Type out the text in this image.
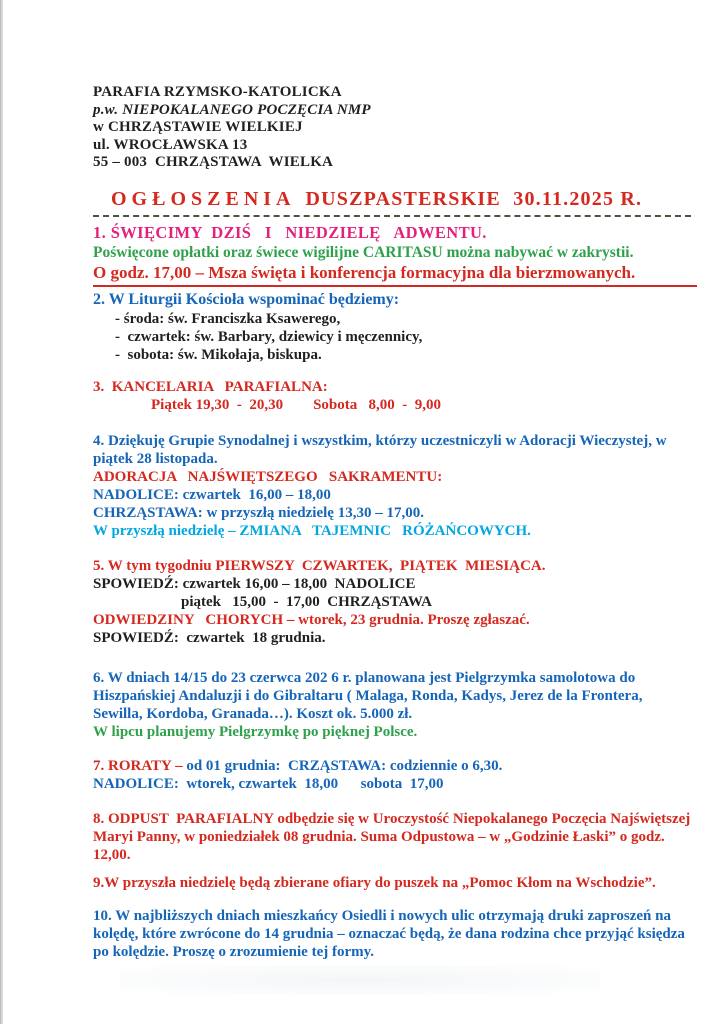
PARAFIA RZYMSKO-KATOLICKA

p.w. NIEPOKALANEGO POCZĘCIA NMP

w CHRZĄSTAWIE WIELKIEJ

ul. WROCŁAWSKA 13

55 – 003  CHRZĄSTAWA  WIELKA

OGŁOSZENIA DUSZPASTERSKIE  30.11.2025 R.

1. ŚWIĘCIMY  DZIŚ   I   NIEDZIELĘ   ADWENTU.

Poświęcone opłatki oraz świece wigilijne CARITASU można nabywać w zakrystii.

O godz. 17,00 – Msza święta i konferencja formacyjna dla bierzmowanych.

2. W Liturgii Kościoła wspominać będziemy:

- środa: św. Franciszka Ksawerego,

-  czwartek: św. Barbary, dziewicy i męczennicy,

-  sobota: św. Mikołaja, biskupa.

3.  KANCELARIA   PARAFIALNA:

Piątek 19,30  -  20,30        Sobota   8,00  -  9,00

4. Dziękuję Grupie Synodalnej i wszystkim, którzy uczestniczyli w Adoracji Wieczystej, w piątek 28 listopada.

ADORACJA   NAJŚWIĘTSZEGO   SAKRAMENTU:

NADOLICE: czwartek  16,00 – 18,00

CHRZĄSTAWA: w przyszłą niedzielę 13,30 – 17,00.

W przyszłą niedzielę – ZMIANA   TAJEMNIC   RÓŻAŃCOWYCH.

5. W tym tygodniu PIERWSZY  CZWARTEK,  PIĄTEK  MIESIĄCA.

SPOWIEDŹ: czwartek 16,00 – 18,00  NADOLICE

piątek   15,00  -  17,00  CHRZĄSTAWA

ODWIEDZINY   CHORYCH – wtorek, 23 grudnia. Proszę zgłaszać.

SPOWIEDŹ:  czwartek  18 grudnia.

6. W dniach 14/15 do 23 czerwca 202 6 r. planowana jest Pielgrzymka samolotowa do Hiszpańskiej Andaluzji i do Gibraltaru ( Malaga, Ronda, Kadys, Jerez de la Frontera, Sewilla, Kordoba, Granada…). Koszt ok. 5.000 zł.

W lipcu planujemy Pielgrzymkę po pięknej Polsce.

7. RORATY – od 01 grudnia:  CRZĄSTAWA: codziennie o 6,30.

NADOLICE:  wtorek, czwartek  18,00      sobota  17,00

8. ODPUST  PARAFIALNY odbędzie się w Uroczystość Niepokalanego Poczęcia Najświętszej Maryi Panny, w poniedziałek 08 grudnia. Suma Odpustowa – w „Godzinie Łaski” o godz. 12,00.

9.W przyszła niedzielę będą zbierane ofiary do puszek na „Pomoc Kłom na Wschodzie”.

10. W najbliższych dniach mieszkańcy Osiedli i nowych ulic otrzymają druki zaproszeń na kolędę, które zwrócone do 14 grudnia – oznaczać będą, że dana rodzina chce przyjąć księdza po kolędzie. Proszę o zrozumienie tej formy.
